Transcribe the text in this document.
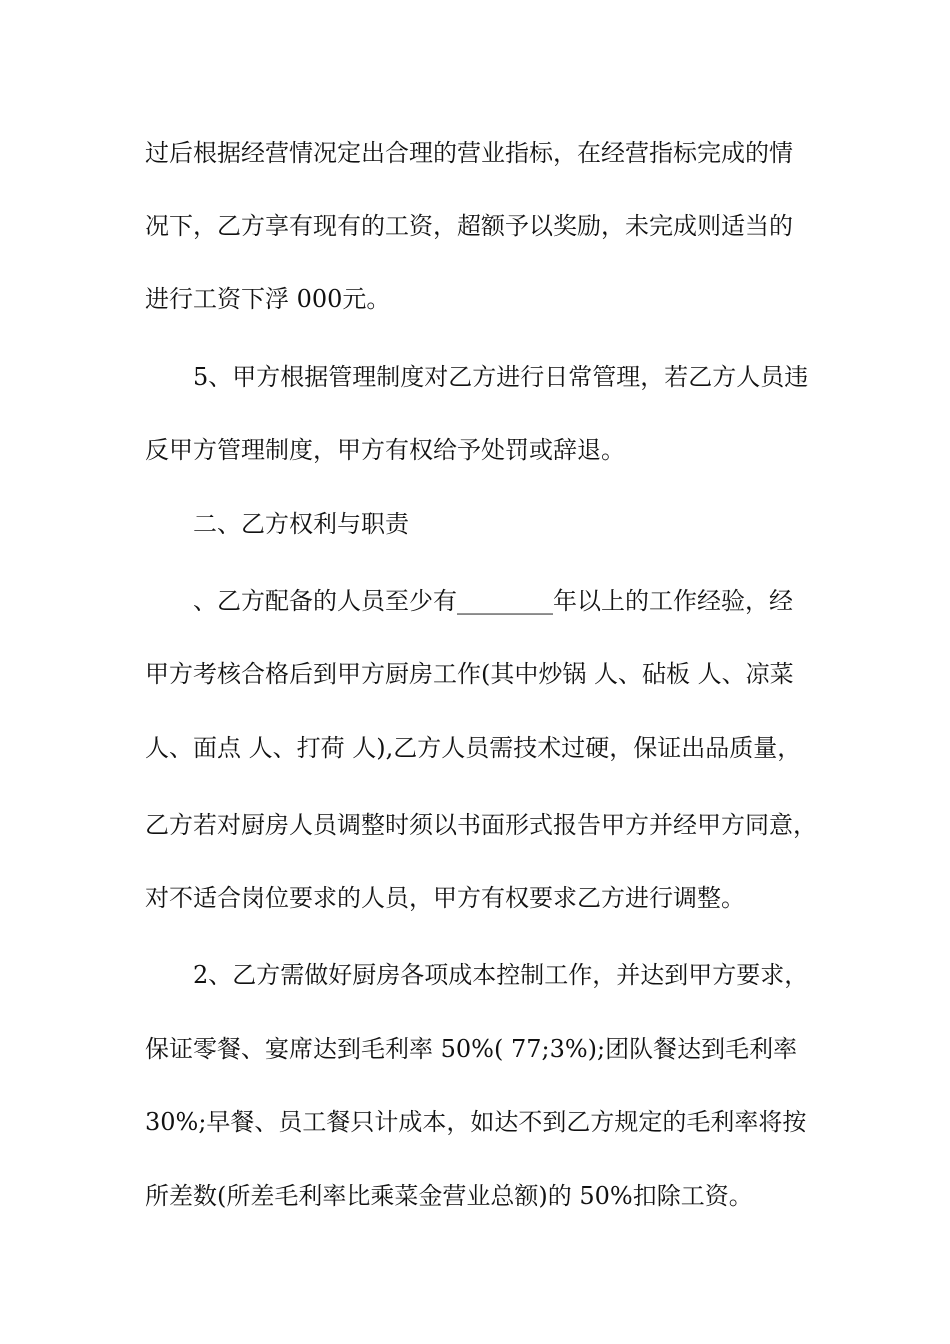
过后根据经营情况定出合理的营业指标，在经营指标完成的情
况下，乙方享有现有的工资，超额予以奖励，未完成则适当的
进行工资下浮 000元。
5、甲方根据管理制度对乙方进行日常管理，若乙方人员违
反甲方管理制度，甲方有权给予处罚或辞退。
二、乙方权利与职责
、乙方配备的人员至少有________年以上的工作经验，经
甲方考核合格后到甲方厨房工作(其中炒锅 人、砧板 人、凉菜
人、面点 人、打荷 人),乙方人员需技术过硬，保证出品质量，
乙方若对厨房人员调整时须以书面形式报告甲方并经甲方同意，
对不适合岗位要求的人员，甲方有权要求乙方进行调整。
2、乙方需做好厨房各项成本控制工作，并达到甲方要求，
保证零餐、宴席达到毛利率 50%( 77;3%);团队餐达到毛利率
30%;早餐、员工餐只计成本，如达不到乙方规定的毛利率将按
所差数(所差毛利率比乘菜金营业总额)的 50%扣除工资。
